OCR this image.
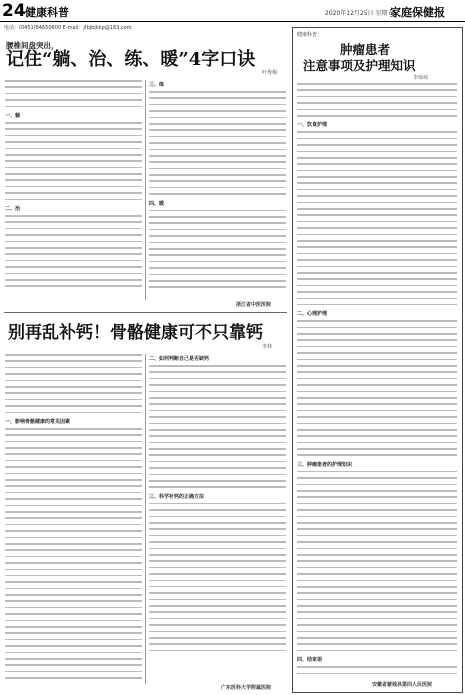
24 健康科普	2020年12月25日 星期五
家庭保健报
电话：(0451)84650600 E-mail：jtbjbjkkp@163.com
腰椎间盘突出，
记住“躺、治、练、暖”4字口诀
叶秀梅
一、躺
二、治
三、练
四、暖
浙江省中医医院
别再乱补钙！骨骼健康可不只靠钙
李林
一、影响骨骼健康的常见因素
二、如何判断自己是否缺钙
三、科学补钙的正确方法
广东医科大学附属医院
健康科普：
肿瘤患者
注意事项及护理知识
李琼琼
一、饮食护理
二、心理护理
三、肿瘤患者的护理知识
四、结束语
安徽省蒙城县第四人民医院
